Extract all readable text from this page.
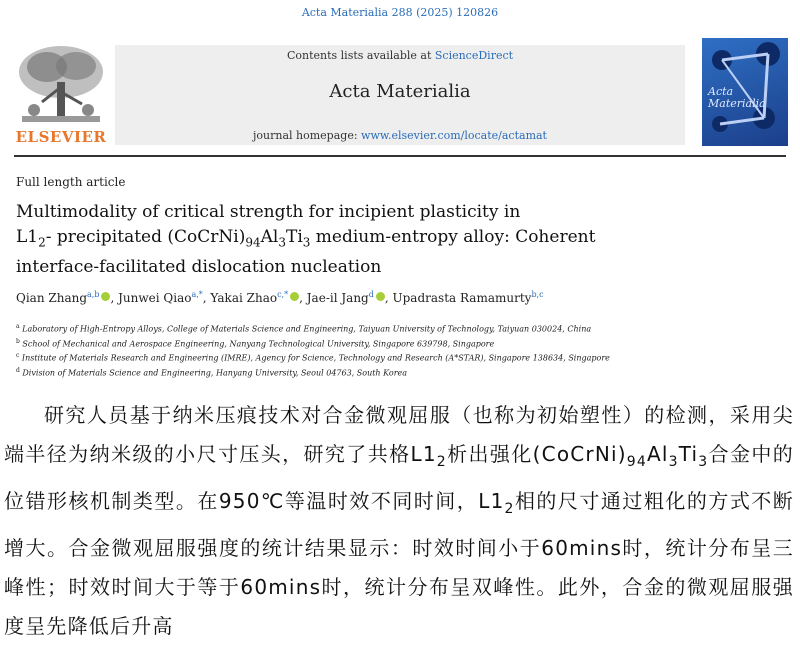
Acta Materialia 288 (2025) 120826
ELSEVIER
Contents lists available at ScienceDirect
Acta Materialia
journal homepage: www.elsevier.com/locate/actamat
Acta
Materialia
Full length article
Multimodality of critical strength for incipient plasticity in
$L1_2-$ precipitated $(CoCrNi)_{94}Al_3Ti_3$ medium-entropy alloy: Coherent
interface-facilitated dislocation nucleation
Qian Zhang$^{a,b}$ , Junwei Qiao$^{a,*}$, Yakai Zhao$^{c,*}$ , Jae-il Jang$^d$ , Upadrasta Ramamurty$^{b,c}$
$^a$ Laboratory of High-Entropy Alloys, College of Materials Science and Engineering, Taiyuan University of Technology, Taiyuan 030024, China
$^b$ School of Mechanical and Aerospace Engineering, Nanyang Technological University, Singapore 639798, Singapore
$^c$ Institute of Materials Research and Engineering (IMRE), Agency for Science, Technology and Research (A*STAR), Singapore 138634, Singapore
$^d$ Division of Materials Science and Engineering, Hanyang University, Seoul 04763, South Korea

研究人员基于纳米压痕技术对合金微观屈服（也称为初始塑性）的检测，采用尖端半径为纳米级的小尺寸压头，研究了共格$L1_2$析出强化$(CoCrNi)_{94}Al_3Ti_3$合金中的位错形核机制类型。在950℃等温时效不同时间，$L1_2$相的尺寸通过粗化的方式不断增大。合金微观屈服强度的统计结果显示：时效时间小于60mins时，统计分布呈三峰性；时效时间大于等于60mins时，统计分布呈双峰性。此外，合金的微观屈服强度呈先降低后升高
